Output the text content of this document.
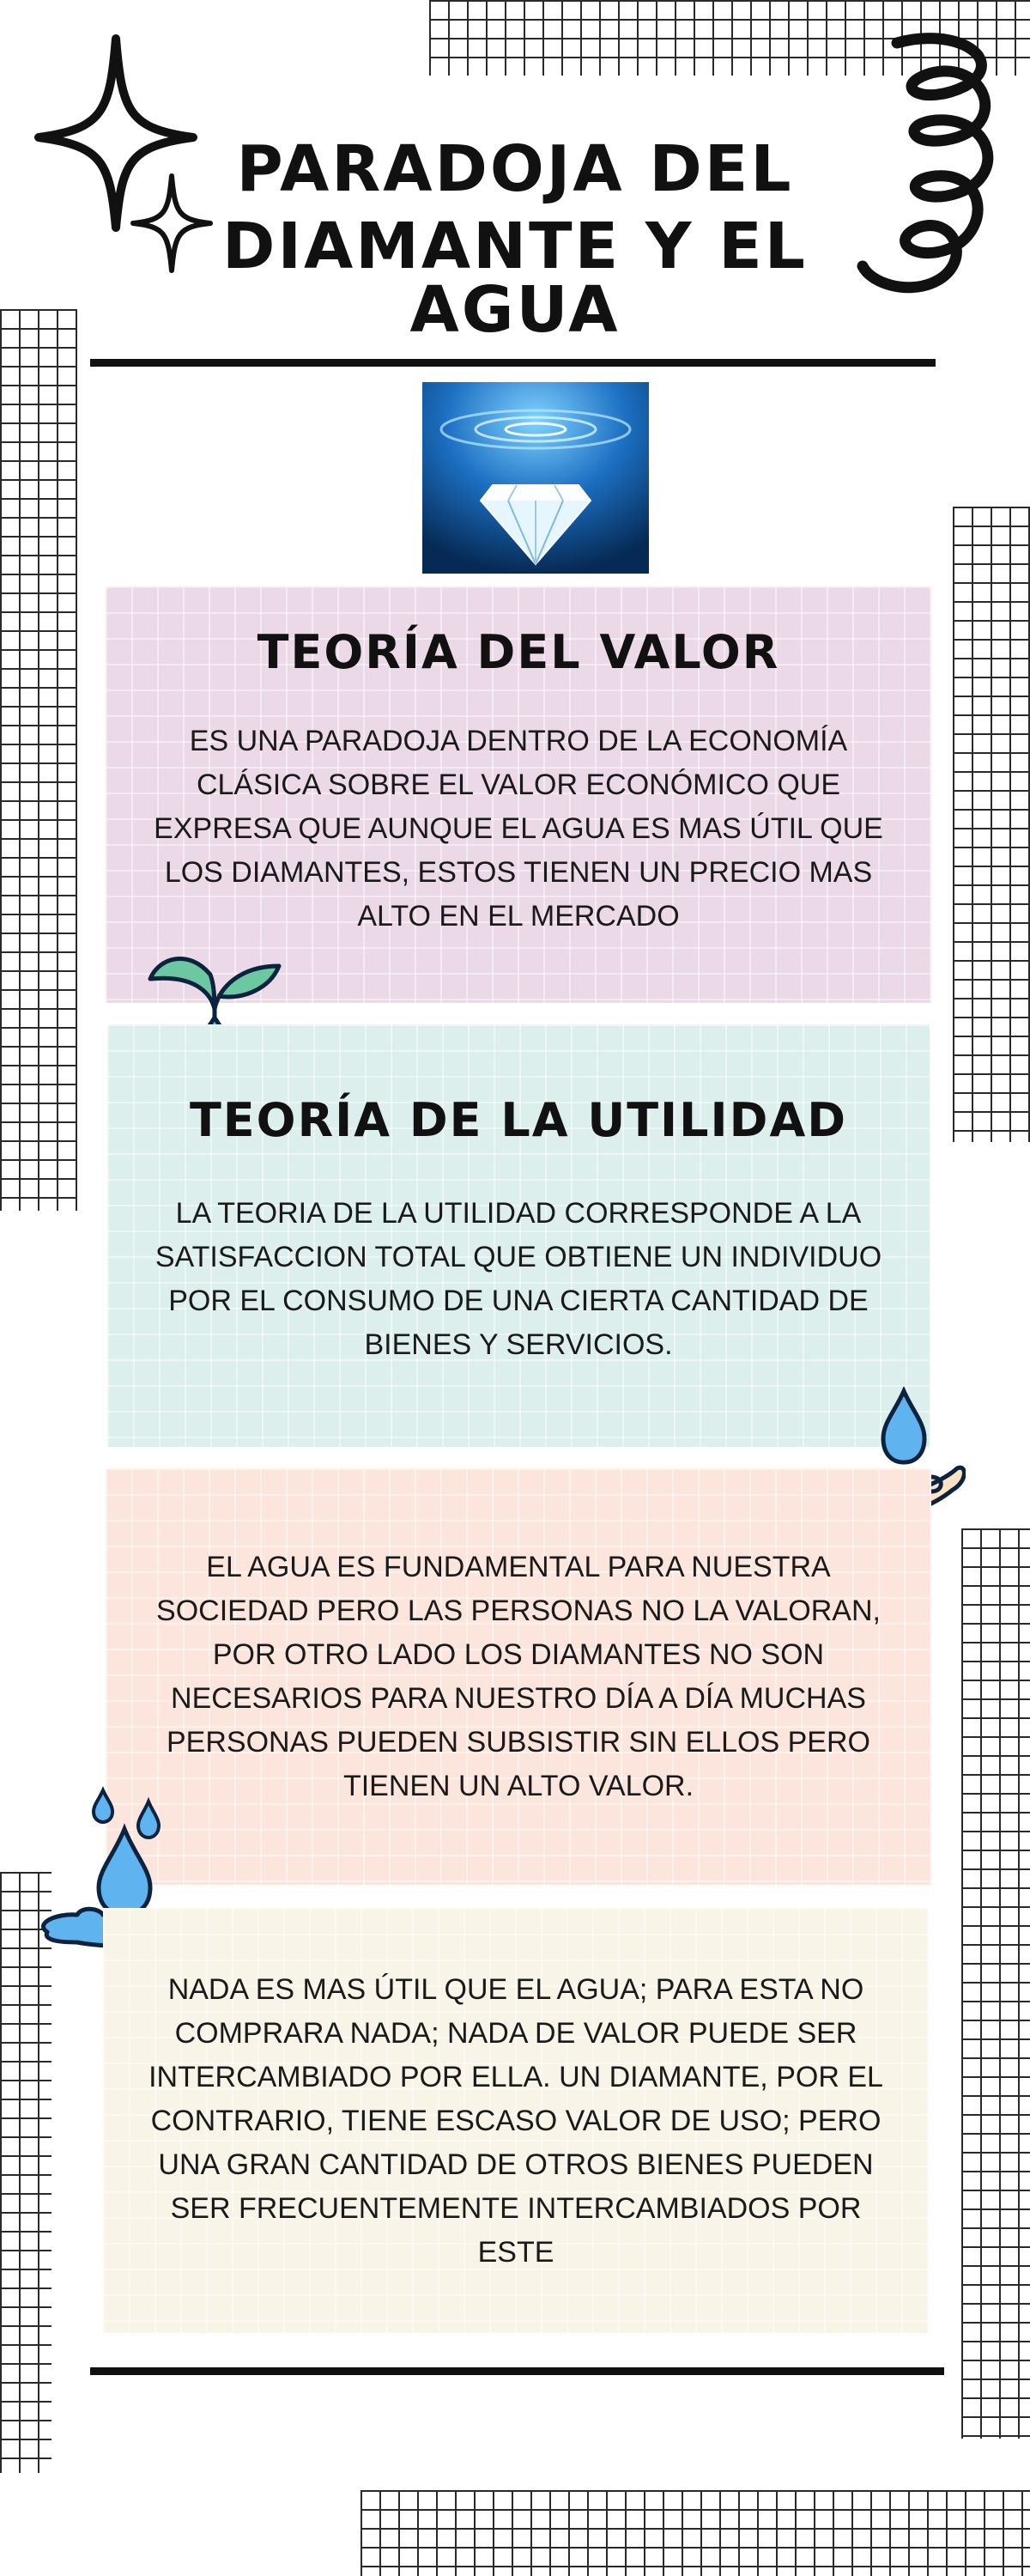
PARADOJA DEL
DIAMANTE Y EL AGUA
TEORÍA DEL VALOR
ES UNA PARADOJA DENTRO DE LA ECONOMÍA CLÁSICA SOBRE EL VALOR ECONÓMICO QUE EXPRESA QUE AUNQUE EL AGUA ES MAS ÚTIL QUE LOS DIAMANTES, ESTOS TIENEN UN PRECIO MAS ALTO EN EL MERCADO
TEORÍA DE LA UTILIDAD
LA TEORIA DE LA UTILIDAD CORRESPONDE A LA SATISFACCION TOTAL QUE OBTIENE UN INDIVIDUO POR EL CONSUMO DE UNA CIERTA CANTIDAD DE BIENES Y SERVICIOS.
EL AGUA ES FUNDAMENTAL PARA NUESTRA SOCIEDAD PERO LAS PERSONAS NO LA VALORAN, POR OTRO LADO LOS DIAMANTES NO SON NECESARIOS PARA NUESTRO DÍA A DÍA MUCHAS PERSONAS PUEDEN SUBSISTIR SIN ELLOS PERO TIENEN UN ALTO VALOR.
NADA ES MAS ÚTIL QUE EL AGUA; PARA ESTA NO COMPRARA NADA; NADA DE VALOR PUEDE SER INTERCAMBIADO POR ELLA. UN DIAMANTE, POR EL CONTRARIO, TIENE ESCASO VALOR DE USO; PERO UNA GRAN CANTIDAD DE OTROS BIENES PUEDEN SER FRECUENTEMENTE INTERCAMBIADOS POR ESTE
